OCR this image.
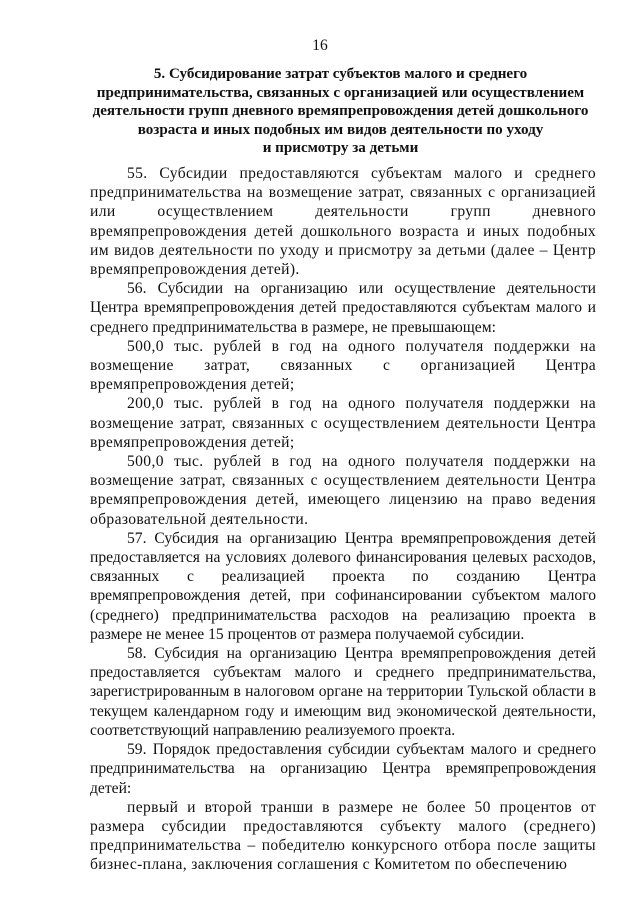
16
5. Субсидирование затрат субъектов малого и среднего
предпринимательства, связанных с организацией или осуществлением
деятельности групп дневного времяпрепровождения детей дошкольного
возраста и иных подобных им видов деятельности по уходу
и присмотру за детьми

55. Субсидии предоставляются субъектам малого и среднего предпринимательства на возмещение затрат, связанных с организацией или осуществлением деятельности групп дневного времяпрепровождения детей дошкольного возраста и иных подобных им видов деятельности по уходу и присмотру за детьми (далее – Центр времяпрепровождения детей).

56. Субсидии на организацию или осуществление деятельности Центра времяпрепровождения детей предоставляются субъектам малого и среднего предпринимательства в размере, не превышающем:

500,0 тыс. рублей в год на одного получателя поддержки на возмещение затрат, связанных с организацией Центра времяпрепровождения детей;

200,0 тыс. рублей в год на одного получателя поддержки на возмещение затрат, связанных с осуществлением деятельности Центра времяпрепровождения детей;

500,0 тыс. рублей в год на одного получателя поддержки на возмещение затрат, связанных с осуществлением деятельности Центра времяпрепровождения детей, имеющего лицензию на право ведения образовательной деятельности.

57. Субсидия на организацию Центра времяпрепровождения детей предоставляется на условиях долевого финансирования целевых расходов, связанных с реализацией проекта по созданию Центра времяпрепровождения детей, при софинансировании субъектом малого (среднего) предпринимательства расходов на реализацию проекта в размере не менее 15 процентов от размера получаемой субсидии.

58. Субсидия на организацию Центра времяпрепровождения детей предоставляется субъектам малого и среднего предпринимательства, зарегистрированным в налоговом органе на территории Тульской области в текущем календарном году и имеющим вид экономической деятельности, соответствующий направлению реализуемого проекта.

59. Порядок предоставления субсидии субъектам малого и среднего предпринимательства на организацию Центра времяпрепровождения детей:

первый и второй транши в размере не более 50 процентов от размера субсидии предоставляются субъекту малого (среднего) предпринимательства – победителю конкурсного отбора после защиты бизнес-плана, заключения соглашения с Комитетом по обеспечению
